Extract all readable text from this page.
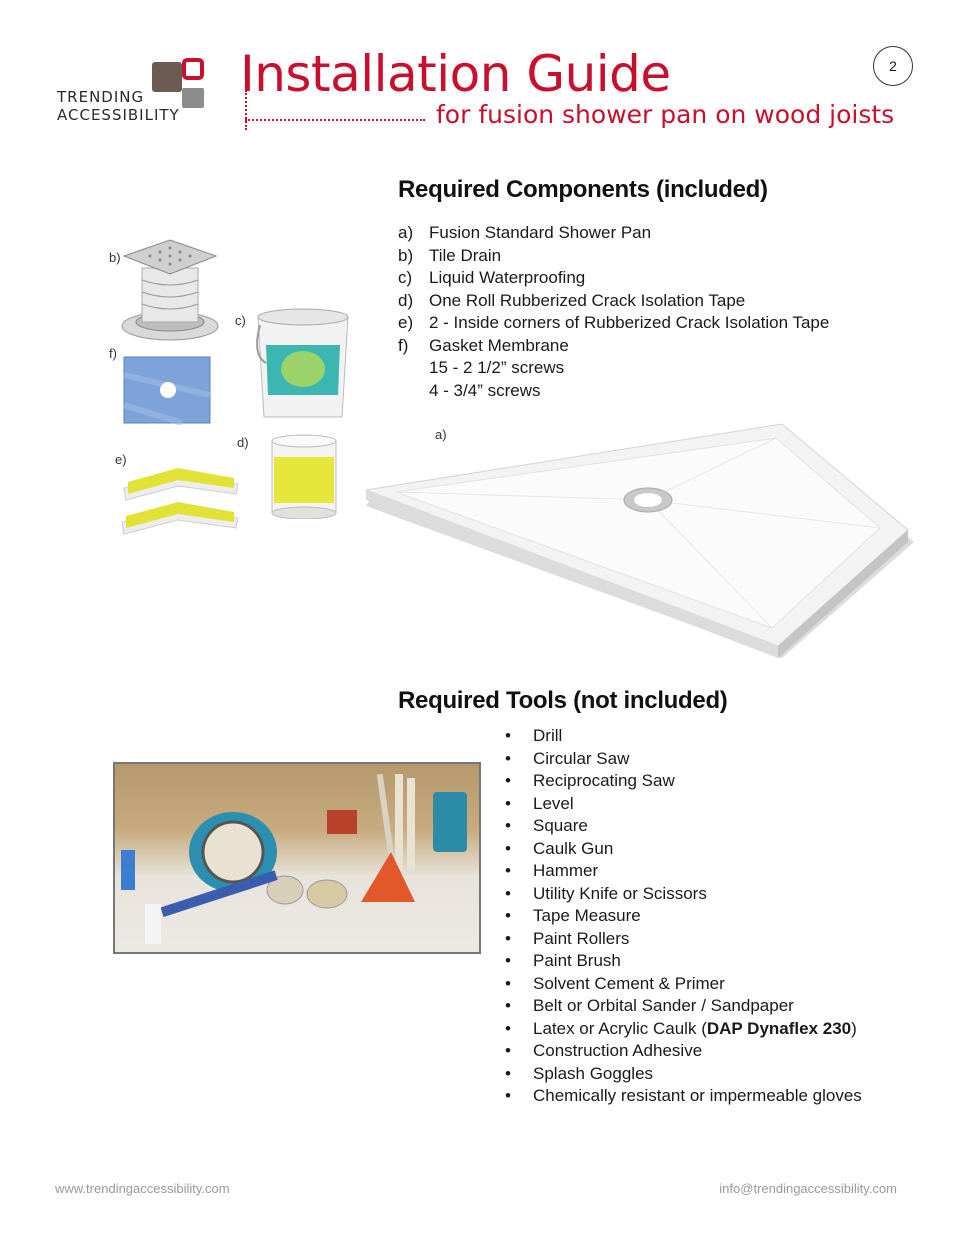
TRENDING
ACCESSIBILITY
Installation Guide
for fusion shower pan on wood joists
2
Required Components (included)
a) Fusion Standard Shower Pan
b) Tile Drain
c) Liquid Waterproofing
d) One Roll Rubberized Crack Isolation Tape
e) 2 - Inside corners of Rubberized Crack Isolation Tape
f)	Gasket Membrane
15 - 2 1/2” screws
4 - 3/4” screws
b)
c)
f)
d)
e)
a)
Required Tools (not included)
•	Drill
•	Circular Saw
•	Reciprocating Saw
•	Level
•	Square
•	Caulk Gun
•	Hammer
•	Utility Knife or Scissors
•	Tape Measure
•	Paint Rollers
•	Paint Brush
•	Solvent Cement & Primer
•	Belt or Orbital Sander / Sandpaper
•	Latex or Acrylic Caulk (DAP Dynaflex 230)
•	Construction Adhesive
•	Splash Goggles
•	Chemically resistant or impermeable gloves
www.trendingaccessibility.com	info@trendingaccessibility.com
